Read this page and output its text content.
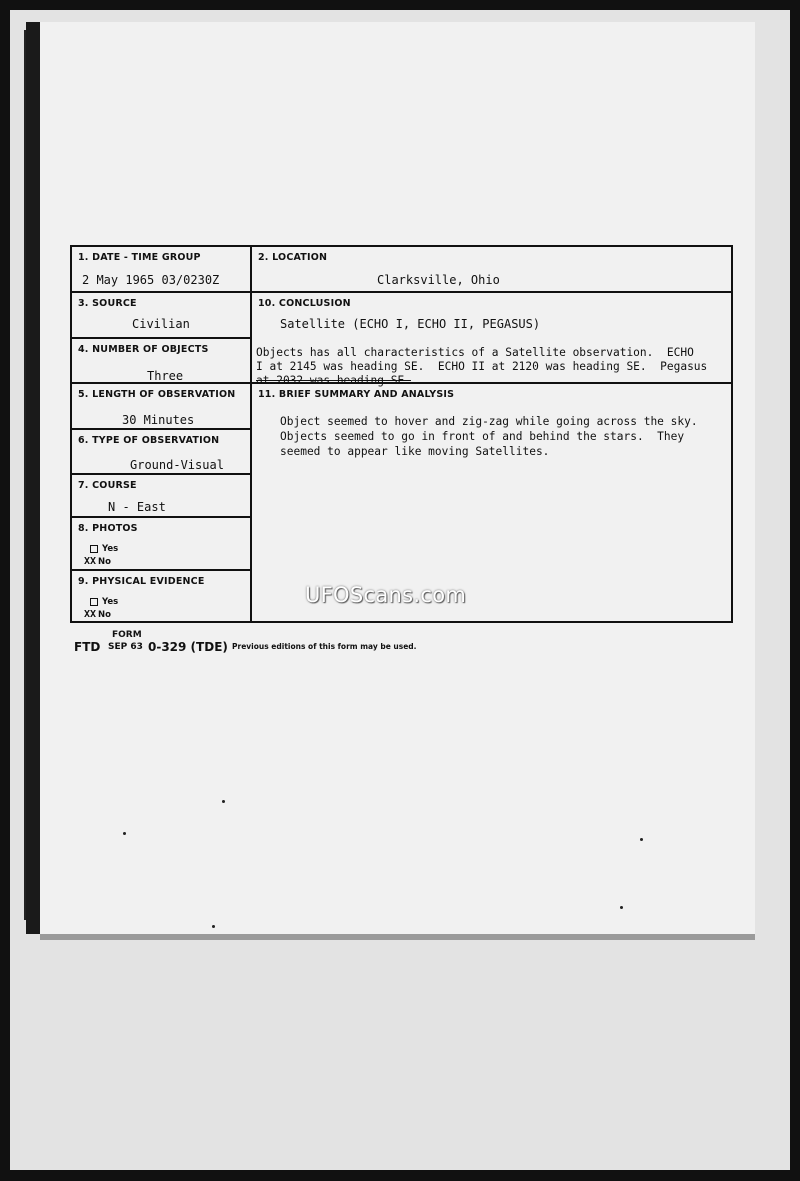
1. DATE - TIME GROUP
2 May 1965 03/0230Z
3. SOURCE
Civilian
4. NUMBER OF OBJECTS
Three
5. LENGTH OF OBSERVATION
30 Minutes
6. TYPE OF OBSERVATION
Ground-Visual
7. COURSE
N - East
8. PHOTOS
Yes
XX No
9. PHYSICAL EVIDENCE
Yes
XX No
2. LOCATION
Clarksville, Ohio
10. CONCLUSION
Satellite (ECHO I, ECHO II, PEGASUS)
Objects has all characteristics of a Satellite observation.  ECHO
I at 2145 was heading SE.  ECHO II at 2120 was heading SE.  Pegasus
at 2032 was heading SE.
11. BRIEF SUMMARY AND ANALYSIS
Object seemed to hover and zig-zag while going across the sky.
Objects seemed to go in front of and behind the stars.  They
seemed to appear like moving Satellites.
FORM
FTD SEP 63 0-329 (TDE) Previous editions of this form may be used.
UFOScans.com
